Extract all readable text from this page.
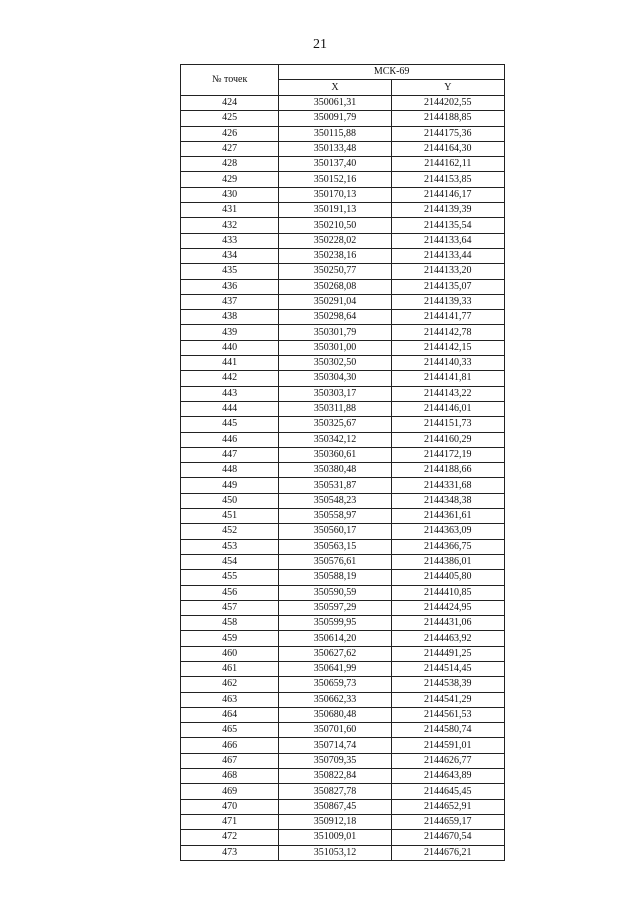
21
№ точек	МСК-69	
	X	Y
424	350061,31	2144202,55
425	350091,79	2144188,85
426	350115,88	2144175,36
427	350133,48	2144164,30
428	350137,40	2144162,11
429	350152,16	2144153,85
430	350170,13	2144146,17
431	350191,13	2144139,39
432	350210,50	2144135,54
433	350228,02	2144133,64
434	350238,16	2144133,44
435	350250,77	2144133,20
436	350268,08	2144135,07
437	350291,04	2144139,33
438	350298,64	2144141,77
439	350301,79	2144142,78
440	350301,00	2144142,15
441	350302,50	2144140,33
442	350304,30	2144141,81
443	350303,17	2144143,22
444	350311,88	2144146,01
445	350325,67	2144151,73
446	350342,12	2144160,29
447	350360,61	2144172,19
448	350380,48	2144188,66
449	350531,87	2144331,68
450	350548,23	2144348,38
451	350558,97	2144361,61
452	350560,17	2144363,09
453	350563,15	2144366,75
454	350576,61	2144386,01
455	350588,19	2144405,80
456	350590,59	2144410,85
457	350597,29	2144424,95
458	350599,95	2144431,06
459	350614,20	2144463,92
460	350627,62	2144491,25
461	350641,99	2144514,45
462	350659,73	2144538,39
463	350662,33	2144541,29
464	350680,48	2144561,53
465	350701,60	2144580,74
466	350714,74	2144591,01
467	350709,35	2144626,77
468	350822,84	2144643,89
469	350827,78	2144645,45
470	350867,45	2144652,91
471	350912,18	2144659,17
472	351009,01	2144670,54
473	351053,12	2144676,21
